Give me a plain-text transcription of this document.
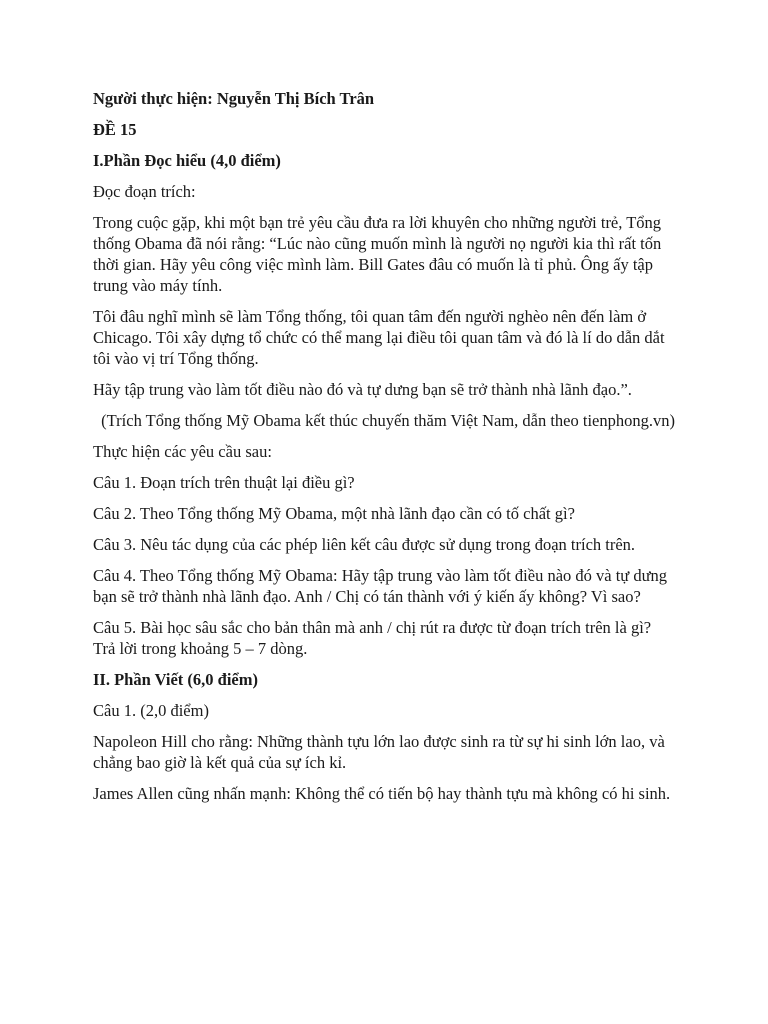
Người thực hiện: Nguyễn Thị Bích Trân

ĐỀ 15

I.Phần Đọc hiểu (4,0 điểm)

Đọc đoạn trích:

Trong cuộc gặp, khi một bạn trẻ yêu cầu đưa ra lời khuyên cho những người trẻ, Tổng thống Obama đã nói rằng: “Lúc nào cũng muốn mình là người nọ người kia thì rất tốn thời gian. Hãy yêu công việc mình làm. Bill Gates đâu có muốn là tỉ phủ. Ông ấy tập trung vào máy tính.

Tôi đâu nghĩ mình sẽ làm Tổng thống, tôi quan tâm đến người nghèo nên đến làm ở Chicago. Tôi xây dựng tổ chức có thể mang lại điều tôi quan tâm và đó là lí do dẫn dắt tôi vào vị trí Tổng thống.

Hãy tập trung vào làm tốt điều nào đó và tự dưng bạn sẽ trở thành nhà lãnh đạo.”.

(Trích Tổng thống Mỹ Obama kết thúc chuyến thăm Việt Nam, dẫn theo tienphong.vn)

Thực hiện các yêu cầu sau:

Câu 1. Đoạn trích trên thuật lại điều gì?

Câu 2. Theo Tổng thống Mỹ Obama, một nhà lãnh đạo cần có tố chất gì?

Câu 3. Nêu tác dụng của các phép liên kết câu được sử dụng trong đoạn trích trên.

Câu 4. Theo Tổng thống Mỹ Obama: Hãy tập trung vào làm tốt điều nào đó và tự dưng bạn sẽ trở thành nhà lãnh đạo. Anh / Chị có tán thành với ý kiến ấy không? Vì sao?

Câu 5. Bài học sâu sắc cho bản thân mà anh / chị rút ra được từ đoạn trích trên là gì? Trả lời trong khoảng 5 – 7 dòng.

II. Phần Viết (6,0 điểm)

Câu 1. (2,0 điểm)

Napoleon Hill cho rằng: Những thành tựu lớn lao được sinh ra từ sự hi sinh lớn lao, và chẳng bao giờ là kết quả của sự ích kỉ.

James Allen cũng nhấn mạnh: Không thể có tiến bộ hay thành tựu mà không có hi sinh.
